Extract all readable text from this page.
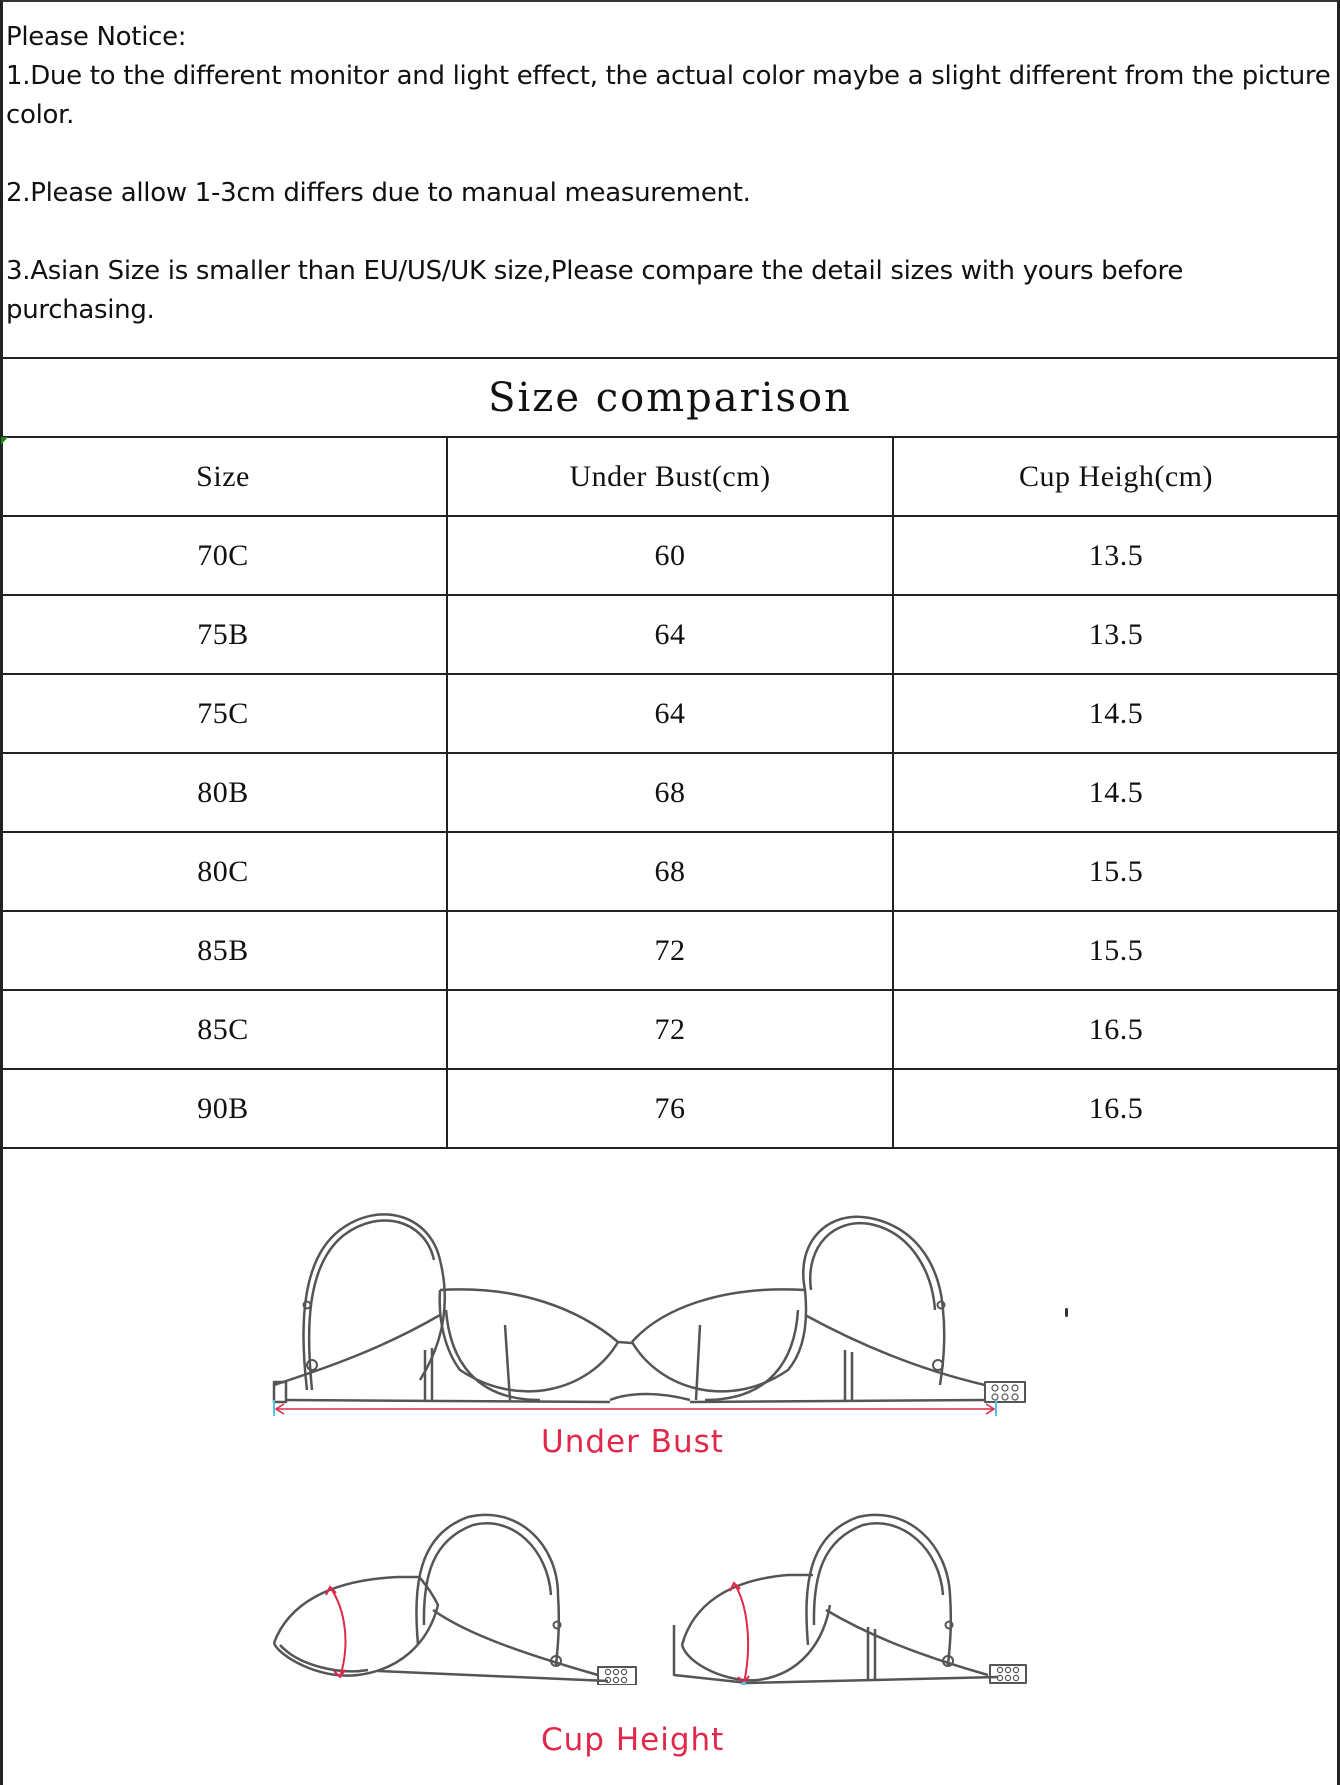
Please Notice:

1.Due to the different monitor and light effect, the actual color maybe a slight different from the picture color.

2.Please allow 1-3cm differs due to manual measurement.

3.Asian Size is smaller than EU/US/UK size,Please compare the detail sizes with yours before purchasing.

Size comparison
Size	Under Bust(cm)	Cup Heigh(cm)
70C	60	13.5
75B	64	13.5
75C	64	14.5
80B	68	14.5
80C	68	15.5
85B	72	15.5
85C	72	16.5
90B	76	16.5
Under Bust
Cup Height
